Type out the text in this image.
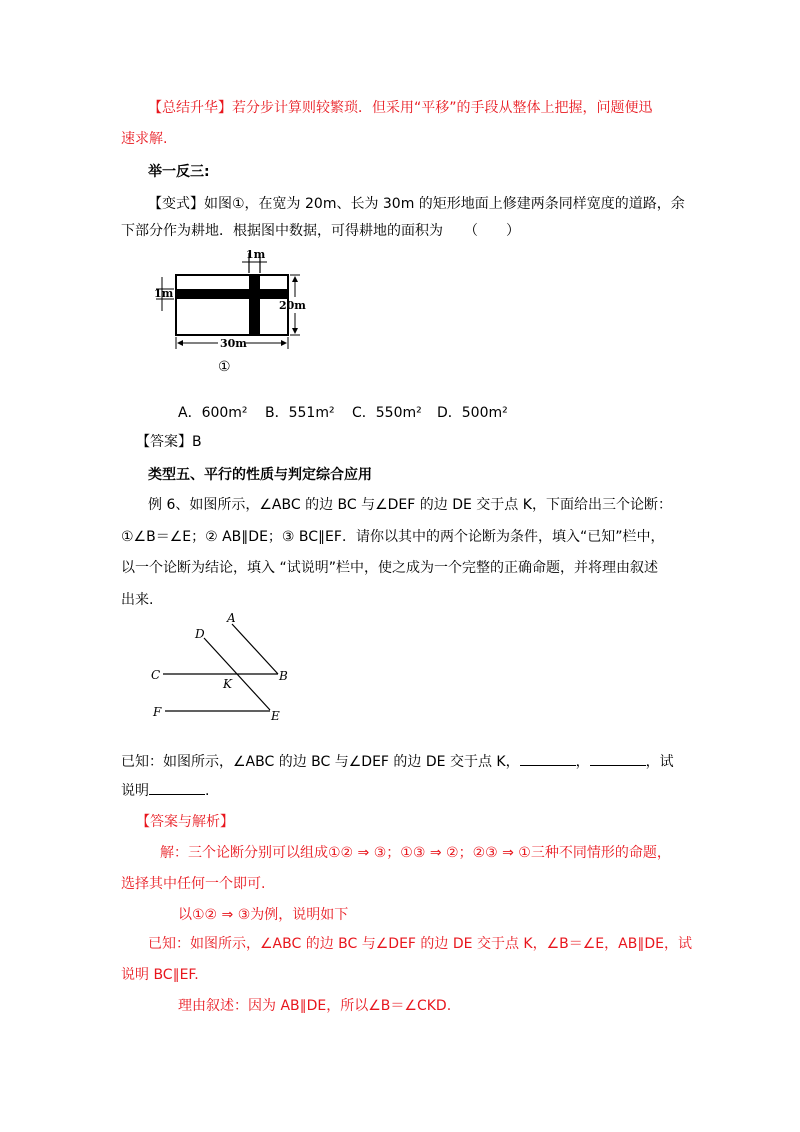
【总结升华】若分步计算则较繁琐．但采用“平移”的手段从整体上把握，问题便迅
速求解.
举一反三:
【变式】如图①，在宽为 20m、长为 30m 的矩形地面上修建两条同样宽度的道路，余
下部分作为耕地．根据图中数据，可得耕地的面积为　　（　　）
1m
1m
20m
30m
①
A．600m² B．551m² C．550m² D．500m²
【答案】B
类型五、平行的性质与判定综合应用
例 6、如图所示，∠ABC 的边 BC 与∠DEF 的边 DE 交于点 K，下面给出三个论断：
①∠B＝∠E；② AB∥DE；③ BC∥EF．请你以其中的两个论断为条件，填入“已知”栏中，
以一个论断为结论，填入 “试说明”栏中，使之成为一个完整的正确命题，并将理由叙述
出来.
A
B
C
D
E
F
K
已知：如图所示，∠ABC 的边 BC 与∠DEF 的边 DE 交于点 K，	，	，试
说明	.
【答案与解析】
解：三个论断分别可以组成①② ⇒ ③；①③ ⇒ ②；②③ ⇒ ①三种不同情形的命题，
选择其中任何一个即可.
以①② ⇒ ③为例，说明如下
已知：如图所示，∠ABC 的边 BC 与∠DEF 的边 DE 交于点 K，∠B＝∠E，AB∥DE，试
说明 BC∥EF.
理由叙述：因为 AB∥DE，所以∠B＝∠CKD.
